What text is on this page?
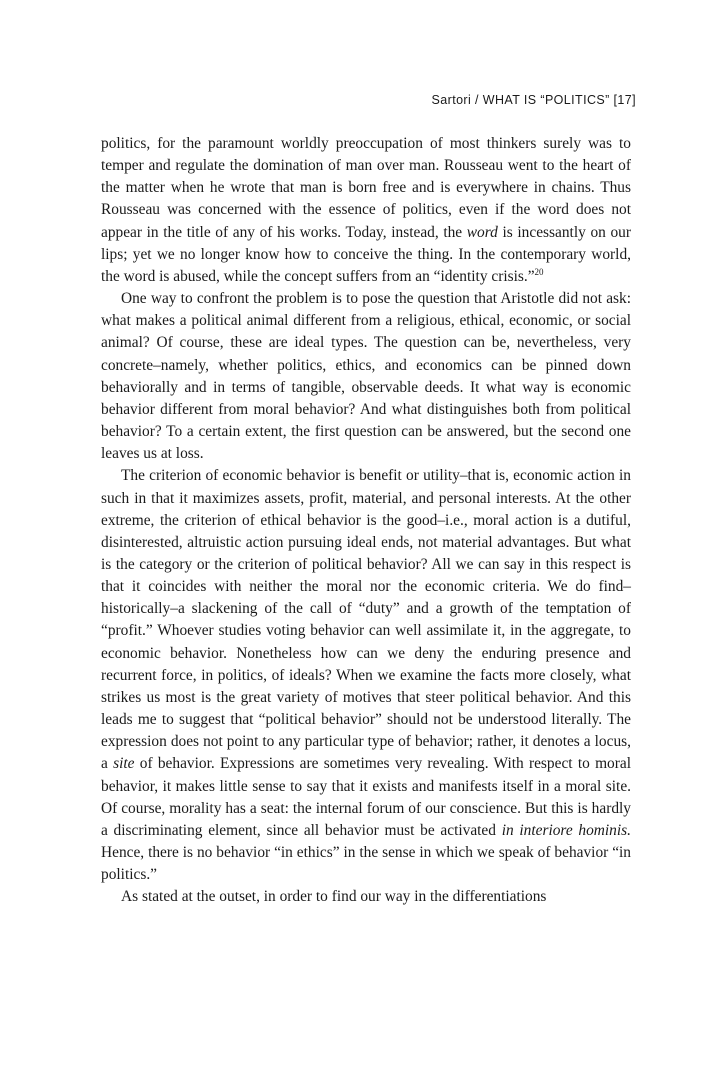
Sartori / WHAT IS “POLITICS” [17]

politics, for the paramount worldly preoccupation of most thinkers surely was to temper and regulate the domination of man over man. Rousseau went to the heart of the matter when he wrote that man is born free and is everywhere in chains. Thus Rousseau was concerned with the essence of politics, even if the word does not appear in the title of any of his works. Today, instead, the word is incessantly on our lips; yet we no longer know how to conceive the thing. In the contemporary world, the word is abused, while the concept suffers from an “identity crisis.”$^{20}$

One way to confront the problem is to pose the question that Aristotle did not ask: what makes a political animal different from a religious, ethical, economic, or social animal? Of course, these are ideal types. The question can be, nevertheless, very concrete–namely, whether politics, ethics, and economics can be pinned down behaviorally and in terms of tangible, observable deeds. It what way is economic behavior different from moral behavior? And what distinguishes both from political behavior? To a certain extent, the first question can be answered, but the second one leaves us at loss.

The criterion of economic behavior is benefit or utility–that is, economic action in such in that it maximizes assets, profit, material, and personal interests. At the other extreme, the criterion of ethical behavior is the good–i.e., moral action is a dutiful, disinterested, altruistic action pursuing ideal ends, not material advantages. But what is the category or the criterion of political behavior? All we can say in this respect is that it coincides with neither the moral nor the economic criteria. We do find–historically–a slackening of the call of “duty” and a growth of the temptation of “profit.” Whoever studies voting behavior can well assimilate it, in the aggregate, to economic behavior. Nonetheless how can we deny the enduring presence and recurrent force, in politics, of ideals? When we examine the facts more closely, what strikes us most is the great variety of motives that steer political behavior. And this leads me to suggest that “political behavior” should not be understood literally. The expression does not point to any particular type of behavior; rather, it denotes a locus, a site of behavior. Expressions are sometimes very revealing. With respect to moral behavior, it makes little sense to say that it exists and manifests itself in a moral site. Of course, morality has a seat: the internal forum of our conscience. But this is hardly a discriminating element, since all behavior must be activated in interiore hominis. Hence, there is no behavior “in ethics” in the sense in which we speak of behavior “in politics.”

As stated at the outset, in order to find our way in the differentiations
